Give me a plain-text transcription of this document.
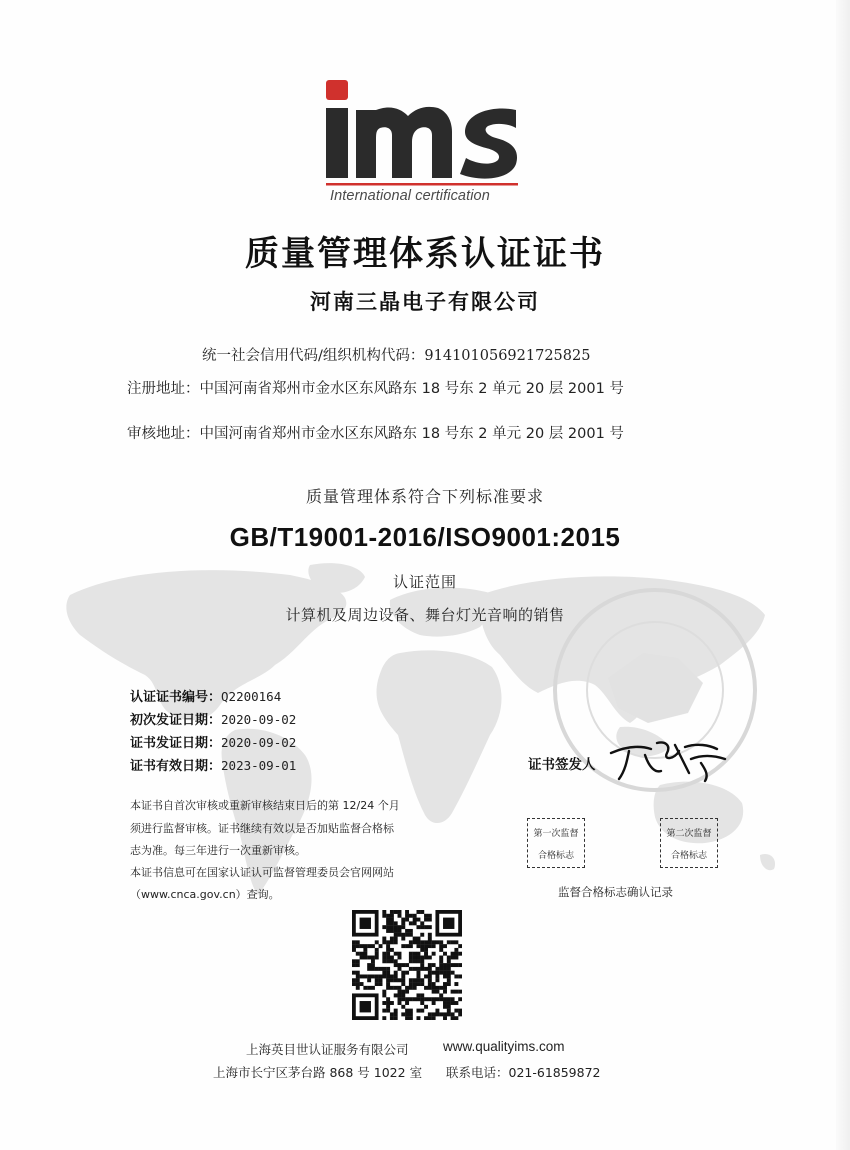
International certification
质量管理体系认证证书
河南三晶电子有限公司
统一社会信用代码/组织机构代码：914101056921725825
注册地址：中国河南省郑州市金水区东风路东 18 号东 2 单元 20 层 2001 号
审核地址：中国河南省郑州市金水区东风路东 18 号东 2 单元 20 层 2001 号
质量管理体系符合下列标准要求
GB/T19001-2016/ISO9001:2015
认证范围
计算机及周边设备、舞台灯光音响的销售
认证证书编号：Q2200164
初次发证日期：2020-09-02
证书发证日期：2020-09-02
证书有效日期：2023-09-01	证书签发人
本证书自首次审核或重新审核结束日后的第 12/24 个月
须进行监督审核。证书继续有效以是否加贴监督合格标
志为准。每三年进行一次重新审核。
本证书信息可在国家认证认可监督管理委员会官网网站
（www.cnca.gov.cn）查询。
第一次监督
合格标志
第二次监督
合格标志
监督合格标志确认记录
上海英目世认证服务有限公司	www.qualityims.com
上海市长宁区茅台路 868 号 1022 室 联系电话：021-61859872
